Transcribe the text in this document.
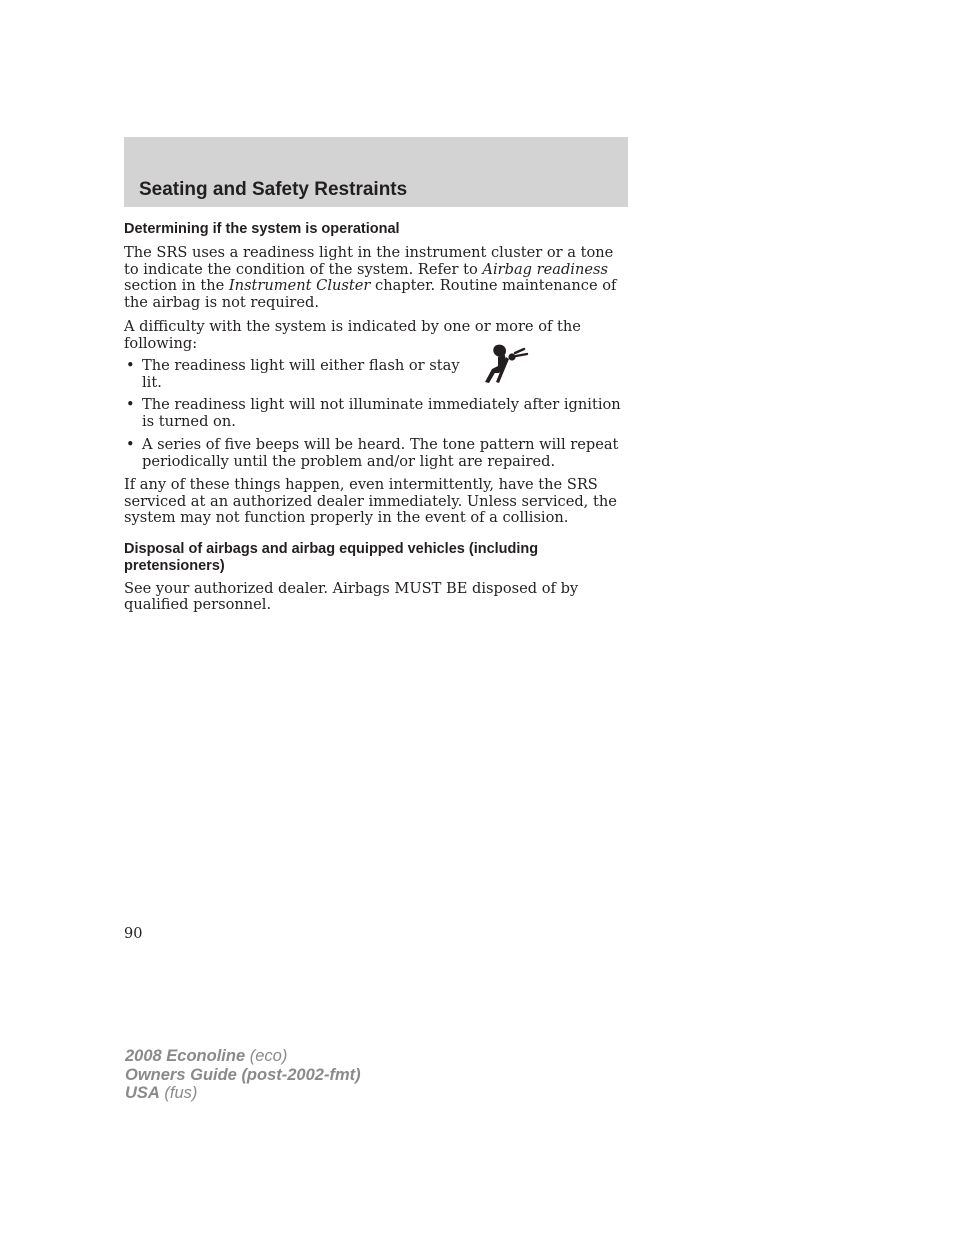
Seating and Safety Restraints
Determining if the system is operational

The SRS uses a readiness light in the instrument cluster or a tone to indicate the condition of the system. Refer to Airbag readiness section in the Instrument Cluster chapter. Routine maintenance of the airbag is not required.

A difficulty with the system is indicated by one or more of the following:

• The readiness light will either flash or stay lit.
• The readiness light will not illuminate immediately after ignition is turned on.
• A series of five beeps will be heard. The tone pattern will repeat periodically until the problem and/or light are repaired.

If any of these things happen, even intermittently, have the SRS serviced at an authorized dealer immediately. Unless serviced, the system may not function properly in the event of a collision.

Disposal of airbags and airbag equipped vehicles (including pretensioners)

See your authorized dealer. Airbags MUST BE disposed of by qualified personnel.

90
2008 Econoline (eco)
Owners Guide (post-2002-fmt)
USA (fus)
